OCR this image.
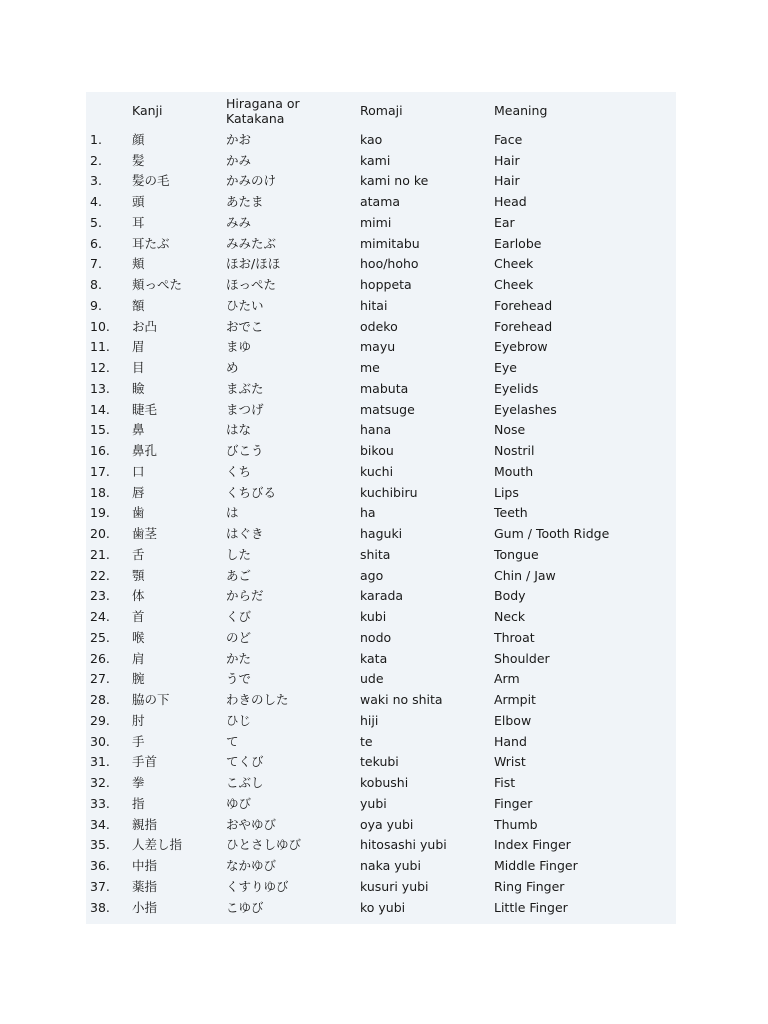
	Kanji	Hiragana or Katakana	Romaji	Meaning
1.	顔	かお	kao	Face
2.	髪	かみ	kami	Hair
3.	髪の毛	かみのけ	kami no ke	Hair
4.	頭	あたま	atama	Head
5.	耳	みみ	mimi	Ear
6.	耳たぶ	みみたぶ	mimitabu	Earlobe
7.	頬	ほお/ほほ	hoo/hoho	Cheek
8.	頬っぺた	ほっぺた	hoppeta	Cheek
9.	額	ひたい	hitai	Forehead
10.	お凸	おでこ	odeko	Forehead
11.	眉	まゆ	mayu	Eyebrow
12.	目	め	me	Eye
13.	瞼	まぶた	mabuta	Eyelids
14.	睫毛	まつげ	matsuge	Eyelashes
15.	鼻	はな	hana	Nose
16.	鼻孔	びこう	bikou	Nostril
17.	口	くち	kuchi	Mouth
18.	唇	くちびる	kuchibiru	Lips
19.	歯	は	ha	Teeth
20.	歯茎	はぐき	haguki	Gum / Tooth Ridge
21.	舌	した	shita	Tongue
22.	顎	あご	ago	Chin / Jaw
23.	体	からだ	karada	Body
24.	首	くび	kubi	Neck
25.	喉	のど	nodo	Throat
26.	肩	かた	kata	Shoulder
27.	腕	うで	ude	Arm
28.	脇の下	わきのした	waki no shita	Armpit
29.	肘	ひじ	hiji	Elbow
30.	手	て	te	Hand
31.	手首	てくび	tekubi	Wrist
32.	拳	こぶし	kobushi	Fist
33.	指	ゆび	yubi	Finger
34.	親指	おやゆび	oya yubi	Thumb
35.	人差し指	ひとさしゆび	hitosashi yubi	Index Finger
36.	中指	なかゆび	naka yubi	Middle Finger
37.	薬指	くすりゆび	kusuri yubi	Ring Finger
38.	小指	こゆび	ko yubi	Little Finger
